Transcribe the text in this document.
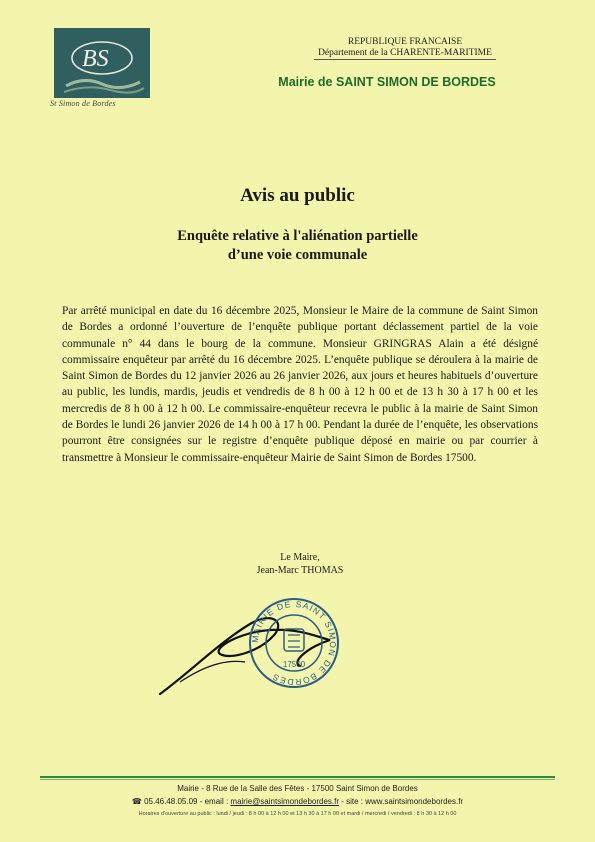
BS
St Simon de Bordes
REPUBLIQUE FRANCAISE
Département de la CHARENTE-MARITIME
Mairie de SAINT SIMON DE BORDES
Avis au public
Enquête relative à l'aliénation partielle
d’une voie communale
Par arrêté municipal en date du 16 décembre 2025, Monsieur le Maire de la commune de Saint Simon de Bordes a ordonné l’ouverture de l’enquête publique portant déclassement partiel de la voie communale n° 44 dans le bourg de la commune. Monsieur GRINGRAS Alain a été désigné commissaire enquêteur par arrêté du 16 décembre 2025. L’enquête publique se déroulera à la mairie de Saint Simon de Bordes du 12 janvier 2026 au 26 janvier 2026, aux jours et heures habituels d’ouverture au public, les lundis, mardis, jeudis et vendredis de 8 h 00 à 12 h 00 et de 13 h 30 à 17 h 00 et les mercredis de 8 h 00 à 12 h 00. Le commissaire-enquêteur recevra le public à la mairie de Saint Simon de Bordes le lundi 26 janvier 2026 de 14 h 00 à 17 h 00. Pendant la durée de l’enquête, les observations pourront être consignées sur le registre d’enquête publique déposé en mairie ou par courrier à transmettre à Monsieur le commissaire-enquêteur Mairie de Saint Simon de Bordes 17500.
Le Maire,
Jean-Marc THOMAS
MAIRIE DE SAINT SIMON DE BORDES
17500
Mairie - 8 Rue de la Salle des Fêtes - 17500 Saint Simon de Bordes
☎ 05.46.48.05.09 - email : mairie@saintsimondebordes.fr - site : www.saintsimondebordes.fr
Horaires d'ouverture au public : lundi / jeudi : 8 h 00 à 12 h 00 et 13 h 30 à 17 h 00 et mardi / mercredi / vendredi : 8 h 30 à 12 h 00
